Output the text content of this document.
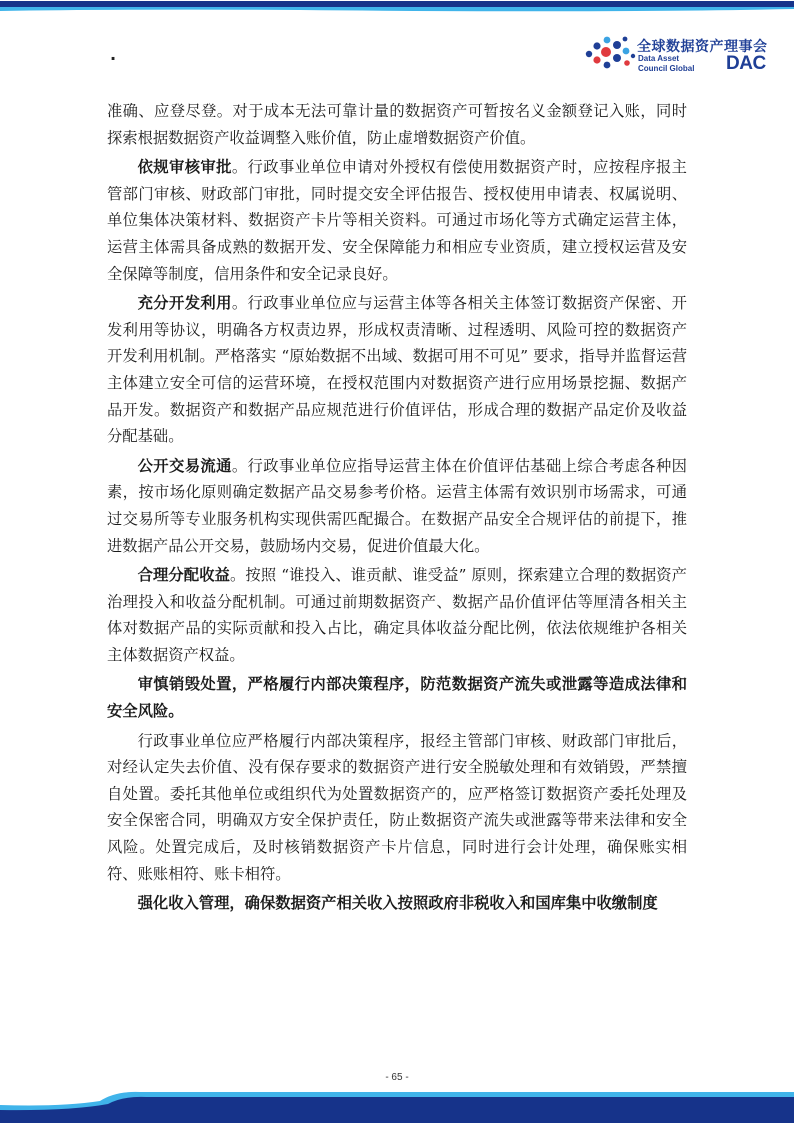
·
全球数据资产理事会
Data Asset
Council Global DAC

准确、应登尽登。对于成本无法可靠计量的数据资产可暂按名义金额登记入账，同时探索根据数据资产收益调整入账价值，防止虚增数据资产价值。

依规审核审批。行政事业单位申请对外授权有偿使用数据资产时，应按程序报主管部门审核、财政部门审批，同时提交安全评估报告、授权使用申请表、权属说明、单位集体决策材料、数据资产卡片等相关资料。可通过市场化等方式确定运营主体，运营主体需具备成熟的数据开发、安全保障能力和相应专业资质，建立授权运营及安全保障等制度，信用条件和安全记录良好。

充分开发利用。行政事业单位应与运营主体等各相关主体签订数据资产保密、开发利用等协议，明确各方权责边界，形成权责清晰、过程透明、风险可控的数据资产开发利用机制。严格落实 “原始数据不出域、数据可用不可见” 要求，指导并监督运营主体建立安全可信的运营环境，在授权范围内对数据资产进行应用场景挖掘、数据产品开发。数据资产和数据产品应规范进行价值评估，形成合理的数据产品定价及收益分配基础。

公开交易流通。行政事业单位应指导运营主体在价值评估基础上综合考虑各种因素，按市场化原则确定数据产品交易参考价格。运营主体需有效识别市场需求，可通过交易所等专业服务机构实现供需匹配撮合。在数据产品安全合规评估的前提下，推进数据产品公开交易，鼓励场内交易，促进价值最大化。

合理分配收益。按照 “谁投入、谁贡献、谁受益” 原则，探索建立合理的数据资产治理投入和收益分配机制。可通过前期数据资产、数据产品价值评估等厘清各相关主体对数据产品的实际贡献和投入占比，确定具体收益分配比例，依法依规维护各相关主体数据资产权益。

审慎销毁处置，严格履行内部决策程序，防范数据资产流失或泄露等造成法律和安全风险。

行政事业单位应严格履行内部决策程序，报经主管部门审核、财政部门审批后，对经认定失去价值、没有保存要求的数据资产进行安全脱敏处理和有效销毁，严禁擅自处置。委托其他单位或组织代为处置数据资产的，应严格签订数据资产委托处理及安全保密合同，明确双方安全保护责任，防止数据资产流失或泄露等带来法律和安全风险。处置完成后，及时核销数据资产卡片信息，同时进行会计处理，确保账实相符、账账相符、账卡相符。

强化收入管理，确保数据资产相关收入按照政府非税收入和国库集中收缴制度

- 65 -
